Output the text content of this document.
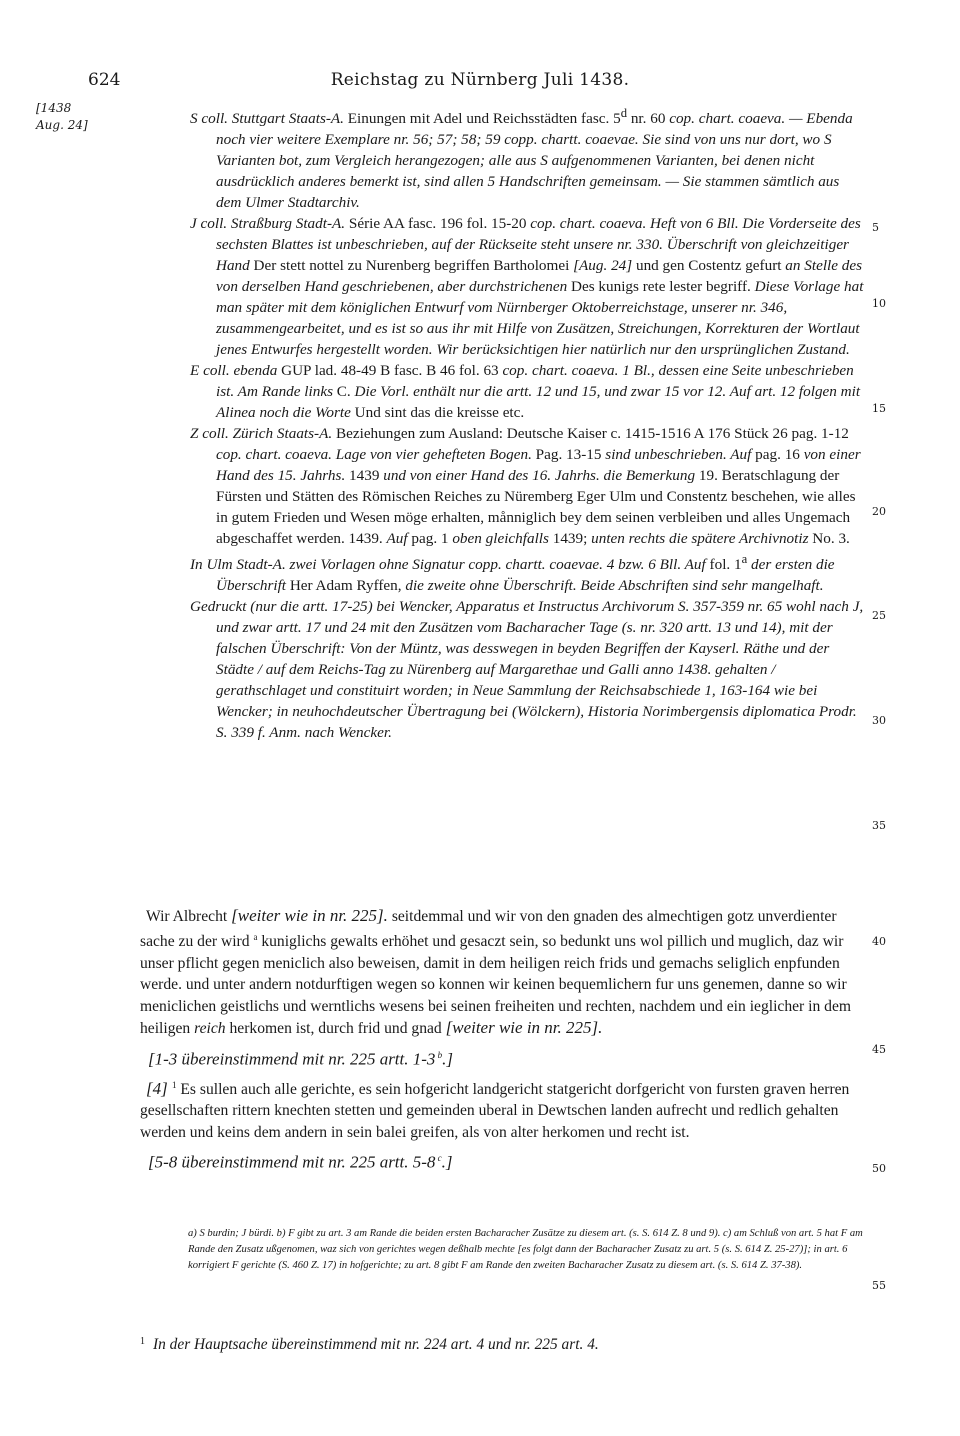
624	Reichstag zu Nürnberg Juli 1438.
[1438
Aug. 24]
5
10
15
20
25
30
35
40
45
50
55

S coll. Stuttgart Staats-A. Einungen mit Adel und Reichsstädten fasc. 5$^d$ nr. 60 cop. chart. coaeva. — Ebenda noch vier weitere Exemplare nr. 56; 57; 58; 59 copp. chartt. coaevae. Sie sind von uns nur dort, wo S Varianten bot, zum Vergleich herangezogen; alle aus S aufgenommenen Varianten, bei denen nicht ausdrücklich anderes bemerkt ist, sind allen 5 Handschriften gemeinsam. — Sie stammen sämtlich aus dem Ulmer Stadtarchiv.

J coll. Straßburg Stadt-A. Série AA fasc. 196 fol. 15-20 cop. chart. coaeva. Heft von 6 Bll. Die Vorderseite des sechsten Blattes ist unbeschrieben, auf der Rückseite steht unsere nr. 330. Überschrift von gleichzeitiger Hand Der stett nottel zu Nurenberg begriffen Bartholomei [Aug. 24] und gen Costentz gefurt an Stelle des von derselben Hand geschriebenen, aber durchstrichenen Des kunigs rete lester begriff. Diese Vorlage hat man später mit dem königlichen Entwurf vom Nürnberger Oktoberreichstage, unserer nr. 346, zusammengearbeitet, und es ist so aus ihr mit Hilfe von Zusätzen, Streichungen, Korrekturen der Wortlaut jenes Entwurfes hergestellt worden. Wir berücksichtigen hier natürlich nur den ursprünglichen Zustand.

E coll. ebenda GUP lad. 48-49 B fasc. B 46 fol. 63 cop. chart. coaeva. 1 Bl., dessen eine Seite unbeschrieben ist. Am Rande links C. Die Vorl. enthält nur die artt. 12 und 15, und zwar 15 vor 12. Auf art. 12 folgen mit Alinea noch die Worte Und sint das die kreisse etc.

Z coll. Zürich Staats-A. Beziehungen zum Ausland: Deutsche Kaiser c. 1415-1516 A 176 Stück 26 pag. 1-12 cop. chart. coaeva. Lage von vier gehefteten Bogen. Pag. 13-15 sind unbeschrieben. Auf pag. 16 von einer Hand des 15. Jahrhs. 1439 und von einer Hand des 16. Jahrhs. die Bemerkung 19. Beratschlagung der Fürsten und Stätten des Römischen Reiches zu Nüremberg Eger Ulm und Constentz beschehen, wie alles in gutem Frieden und Wesen möge erhalten, månniglich bey dem seinen verbleiben und alles Ungemach abgeschaffet werden. 1439. Auf pag. 1 oben gleichfalls 1439; unten rechts die spätere Archivnotiz No. 3.

In Ulm Stadt-A. zwei Vorlagen ohne Signatur copp. chartt. coaevae. 4 bzw. 6 Bll. Auf fol. 1$^a$ der ersten die Überschrift Her Adam Ryffen, die zweite ohne Überschrift. Beide Abschriften sind sehr mangelhaft.

Gedruckt (nur die artt. 17-25) bei Wencker, Apparatus et Instructus Archivorum S. 357-359 nr. 65 wohl nach J, und zwar artt. 17 und 24 mit den Zusätzen vom Bacharacher Tage (s. nr. 320 artt. 13 und 14), mit der falschen Überschrift: Von der Müntz, was desswegen in beyden Begriffen der Kayserl. Räthe und der Städte / auf dem Reichs-Tag zu Nürenberg auf Margarethae und Galli anno 1438. gehalten / gerathschlaget und constituirt worden; in Neue Sammlung der Reichsabschiede 1, 163-164 wie bei Wencker; in neuhochdeutscher Übertragung bei (Wölckern), Historia Norimbergensis diplomatica Prodr. S. 339 f. Anm. nach Wencker.

Wir Albrecht [weiter wie in nr. 225]. seitdemmal und wir von den gnaden des almechtigen gotz unverdienter sache zu der wird $^a$ kuniglichs gewalts erhöhet und gesaczt sein, so bedunkt uns wol pillich und muglich, daz wir unser pflicht gegen meniclich also beweisen, damit in dem heiligen reich frids und gemachs seliglich enpfunden werde. und unter andern notdurftigen wegen so konnen wir keinen bequemlichern fur uns genemen, danne so wir meniclichen geistlichs und werntlichs wesens bei seinen freiheiten und rechten, nachdem und ein ieglicher in dem heiligen reich herkomen ist, durch frid und gnad [weiter wie in nr. 225].

[1-3 übereinstimmend mit nr. 225 artt. 1-3 $^b$.]

[4] $^1$ Es sullen auch alle gerichte, es sein hofgericht landgericht statgericht dorfgericht von fursten graven herren gesellschaften rittern knechten stetten und gemeinden uberal in Dewtschen landen aufrecht und redlich gehalten werden und keins dem andern in sein balei greifen, als von alter herkomen und recht ist.

[5-8 übereinstimmend mit nr. 225 artt. 5-8 $^c$.]

a) S burdin; J bürdi. b) F gibt zu art. 3 am Rande die beiden ersten Bacharacher Zusätze zu diesem art. (s. S. 614 Z. 8 und 9). c) am Schluß von art. 5 hat F am Rande den Zusatz ußgenomen, waz sich von gerichtes wegen deßhalb mechte [es folgt dann der Bacharacher Zusatz zu art. 5 (s. S. 614 Z. 25-27)]; in art. 6 korrigiert F gerichte (S. 460 Z. 17) in hofgerichte; zu art. 8 gibt F am Rande den zweiten Bacharacher Zusatz zu diesem art. (s. S. 614 Z. 37-38).

$^1$ In der Hauptsache übereinstimmend mit nr. 224 art. 4 und nr. 225 art. 4.
